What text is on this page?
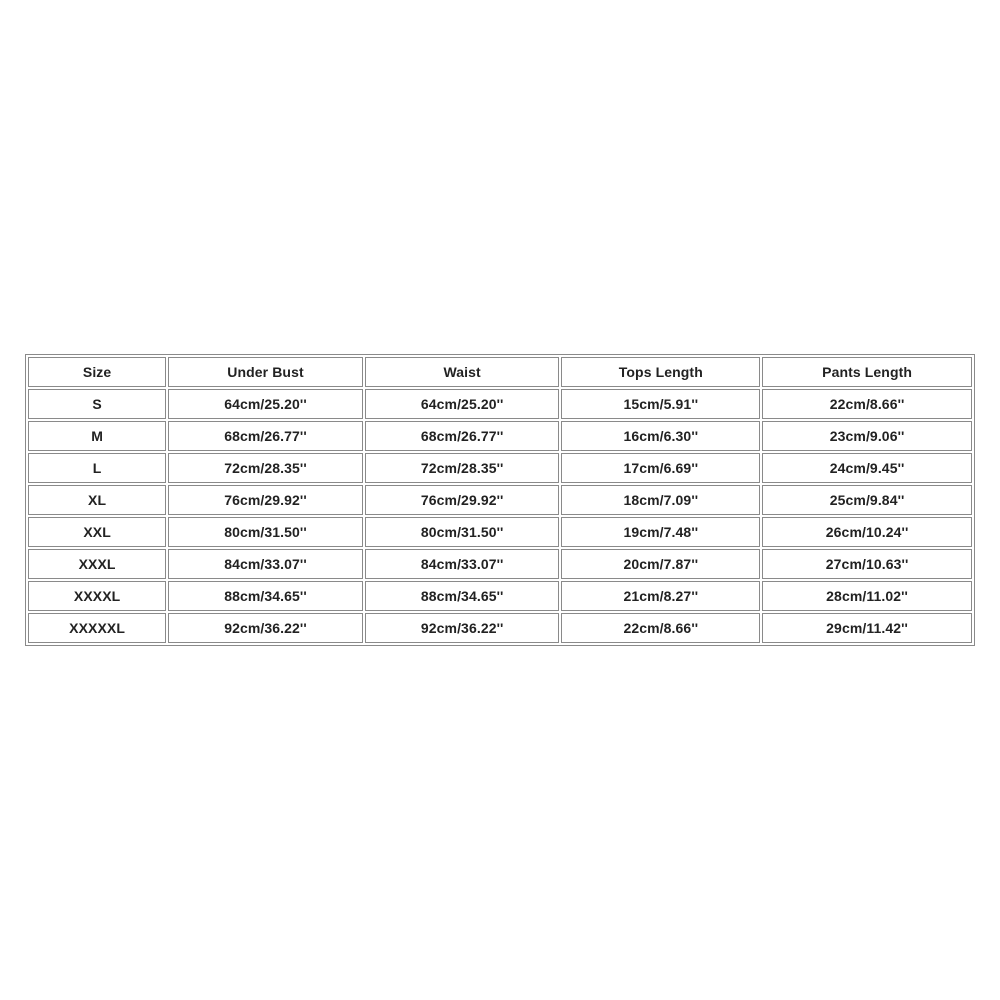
Size	Under Bust	Waist	Tops Length	Pants Length
S	64cm/25.20''	64cm/25.20''	15cm/5.91''	22cm/8.66''
M	68cm/26.77''	68cm/26.77''	16cm/6.30''	23cm/9.06''
L	72cm/28.35''	72cm/28.35''	17cm/6.69''	24cm/9.45''
XL	76cm/29.92''	76cm/29.92''	18cm/7.09''	25cm/9.84''
XXL	80cm/31.50''	80cm/31.50''	19cm/7.48''	26cm/10.24''
XXXL	84cm/33.07''	84cm/33.07''	20cm/7.87''	27cm/10.63''
XXXXL	88cm/34.65''	88cm/34.65''	21cm/8.27''	28cm/11.02''
XXXXXL	92cm/36.22''	92cm/36.22''	22cm/8.66''	29cm/11.42''
